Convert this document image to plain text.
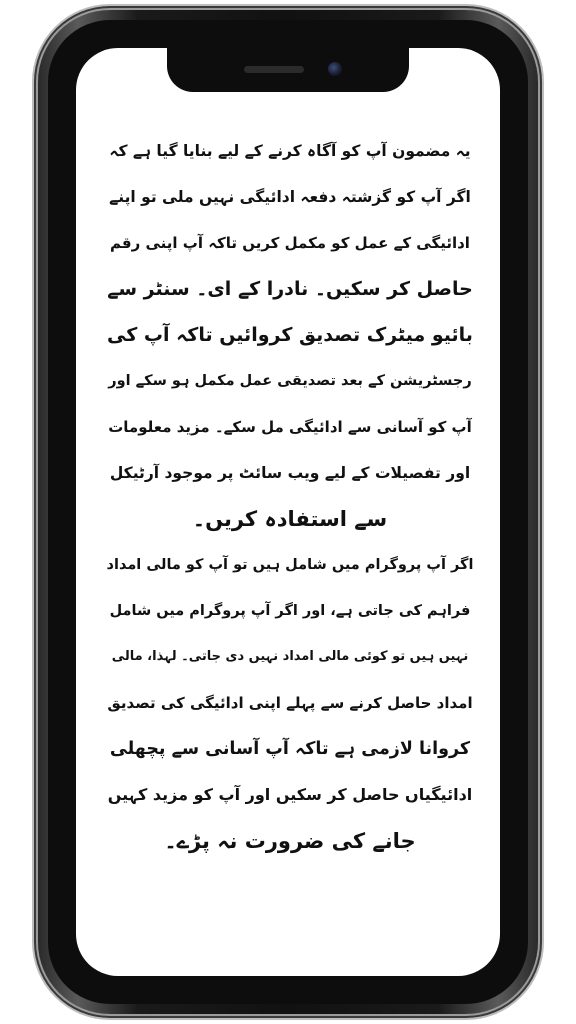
یہ مضمون آپ کو آگاہ کرنے کے لیے بنایا گیا ہے کہ
اگر آپ کو گزشتہ دفعہ ادائیگی نہیں ملی تو اپنے
ادائیگی کے عمل کو مکمل کریں تاکہ آپ اپنی رقم
حاصل کر سکیں۔ نادرا کے ای۔ سنٹر سے
بائیو میٹرک تصدیق کروائیں تاکہ آپ کی
رجسٹریشن کے بعد تصدیقی عمل مکمل ہو سکے اور
آپ کو آسانی سے ادائیگی مل سکے۔ مزید معلومات
اور تفصیلات کے لیے ویب سائٹ پر موجود آرٹیکل
سے استفادہ کریں۔
اگر آپ پروگرام میں شامل ہیں تو آپ کو مالی امداد
فراہم کی جاتی ہے، اور اگر آپ پروگرام میں شامل
نہیں ہیں تو کوئی مالی امداد نہیں دی جاتی۔ لہذا، مالی
امداد حاصل کرنے سے پہلے اپنی ادائیگی کی تصدیق
کروانا لازمی ہے تاکہ آپ آسانی سے پچھلی
ادائیگیاں حاصل کر سکیں اور آپ کو مزید کہیں
جانے کی ضرورت نہ پڑے۔
